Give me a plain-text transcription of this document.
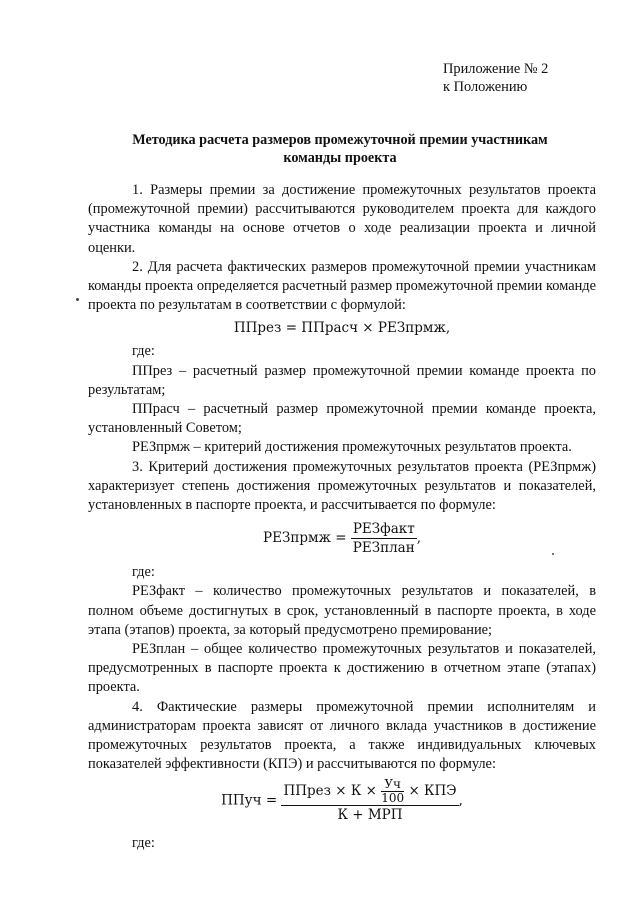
Приложение № 2
к Положению
Методика расчета размеров промежуточной премии участникам
команды проекта

1. Размеры премии за достижение промежуточных результатов проекта (промежуточной премии) рассчитываются руководителем проекта для каждого участника команды на основе отчетов о ходе реализации проекта и личной оценки.

2. Для расчета фактических размеров промежуточной премии участникам команды проекта определяется расчетный размер промежуточной премии команде проекта по результатам в соответствии с формулой:

ППрез = ППрасч × РЕЗпрмж,

где:

ППрез – расчетный размер промежуточной премии команде проекта по результатам;

ППрасч – расчетный размер промежуточной премии команде проекта, установленный Советом;

РЕЗпрмж – критерий достижения промежуточных результатов проекта.

3. Критерий достижения промежуточных результатов проекта (РЕЗпрмж) характеризует степень достижения промежуточных результатов и показателей, установленных в паспорте проекта, и рассчитывается по формуле:

РЕЗпрмж = $\frac{\text{РЕЗфакт}}{\text{РЕЗплан}}$ ,

где:

РЕЗфакт – количество промежуточных результатов и показателей, в полном объеме достигнутых в срок, установленный в паспорте проекта, в ходе этапа (этапов) проекта, за который предусмотрено премирование;

РЕЗплан – общее количество промежуточных результатов и показателей, предусмотренных в паспорте проекта к достижению в отчетном этапе (этапах) проекта.

4. Фактические размеры промежуточной премии исполнителям и администраторам проекта зависят от личного вклада участников в достижение промежуточных результатов проекта, а также индивидуальных ключевых показателей эффективности (КПЭ) и рассчитываются по формуле:

ППуч =
ППрез × $К \times \frac{Уч}{100}$ × КПЭ
К + МРП
,

где:
